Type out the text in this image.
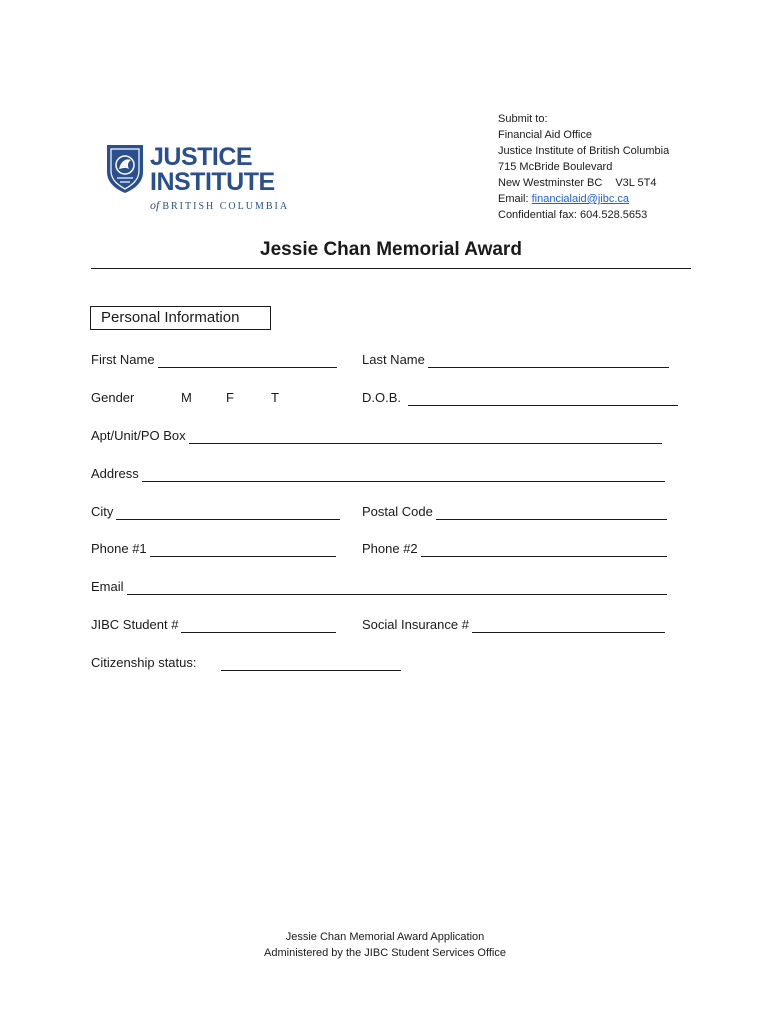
JUSTICE
INSTITUTE
of BRITISH COLUMBIA
Submit to:
Financial Aid Office
Justice Institute of British Columbia
715 McBride Boulevard
New Westminster BC V3L 5T4
Email: financialaid@jibc.ca
Confidential fax: 604.528.5653
Jessie Chan Memorial Award
Personal Information
First Name	Last Name
Gender	M	F	T	D.O.B.
Apt/Unit/PO Box
Address
City	Postal Code
Phone #1	Phone #2
Email
JIBC Student #	Social Insurance #
Citizenship status:
Jessie Chan Memorial Award Application
Administered by the JIBC Student Services Office
